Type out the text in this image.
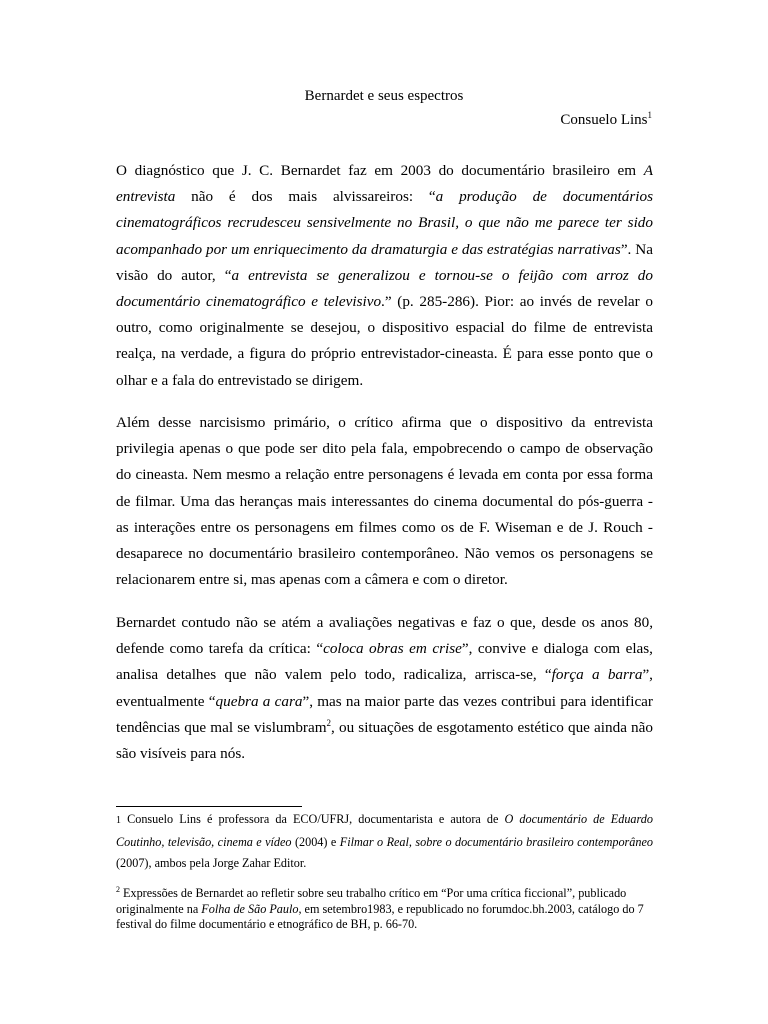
Bernardet e seus espectros
Consuelo Lins$^1$

O diagnóstico que J. C. Bernardet faz em 2003 do documentário brasileiro em A entrevista não é dos mais alvissareiros: “a produção de documentários cinematográficos recrudesceu sensivelmente no Brasil, o que não me parece ter sido acompanhado por um enriquecimento da dramaturgia e das estratégias narrativas”. Na visão do autor, “a entrevista se generalizou e tornou-se o feijão com arroz do documentário cinematográfico e televisivo.” (p. 285-286). Pior: ao invés de revelar o outro, como originalmente se desejou, o dispositivo espacial do filme de entrevista realça, na verdade, a figura do próprio entrevistador-cineasta. É para esse ponto que o olhar e a fala do entrevistado se dirigem.

Além desse narcisismo primário, o crítico afirma que o dispositivo da entrevista privilegia apenas o que pode ser dito pela fala, empobrecendo o campo de observação do cineasta. Nem mesmo a relação entre personagens é levada em conta por essa forma de filmar. Uma das heranças mais interessantes do cinema documental do pós-guerra - as interações entre os personagens em filmes como os de F. Wiseman e de J. Rouch - desaparece no documentário brasileiro contemporâneo. Não vemos os personagens se relacionarem entre si, mas apenas com a câmera e com o diretor.

Bernardet contudo não se atém a avaliações negativas e faz o que, desde os anos 80, defende como tarefa da crítica: “coloca obras em crise”, convive e dialoga com elas, analisa detalhes que não valem pelo todo, radicaliza, arrisca-se, “força a barra”, eventualmente “quebra a cara”, mas na maior parte das vezes contribui para identificar tendências que mal se vislumbram$^2$, ou situações de esgotamento estético que ainda não são visíveis para nós.

1 Consuelo Lins é professora da ECO/UFRJ, documentarista e autora de O documentário de Eduardo Coutinho, televisão, cinema e vídeo (2004) e Filmar o Real, sobre o documentário brasileiro contemporâneo (2007), ambos pela Jorge Zahar Editor.

$^2$ Expressões de Bernardet ao refletir sobre seu trabalho crítico em “Por uma crítica ficcional”, publicado originalmente na Folha de São Paulo, em setembro1983, e republicado no forumdoc.bh.2003, catálogo do 7 festival do filme documentário e etnográfico de BH, p. 66-70.
